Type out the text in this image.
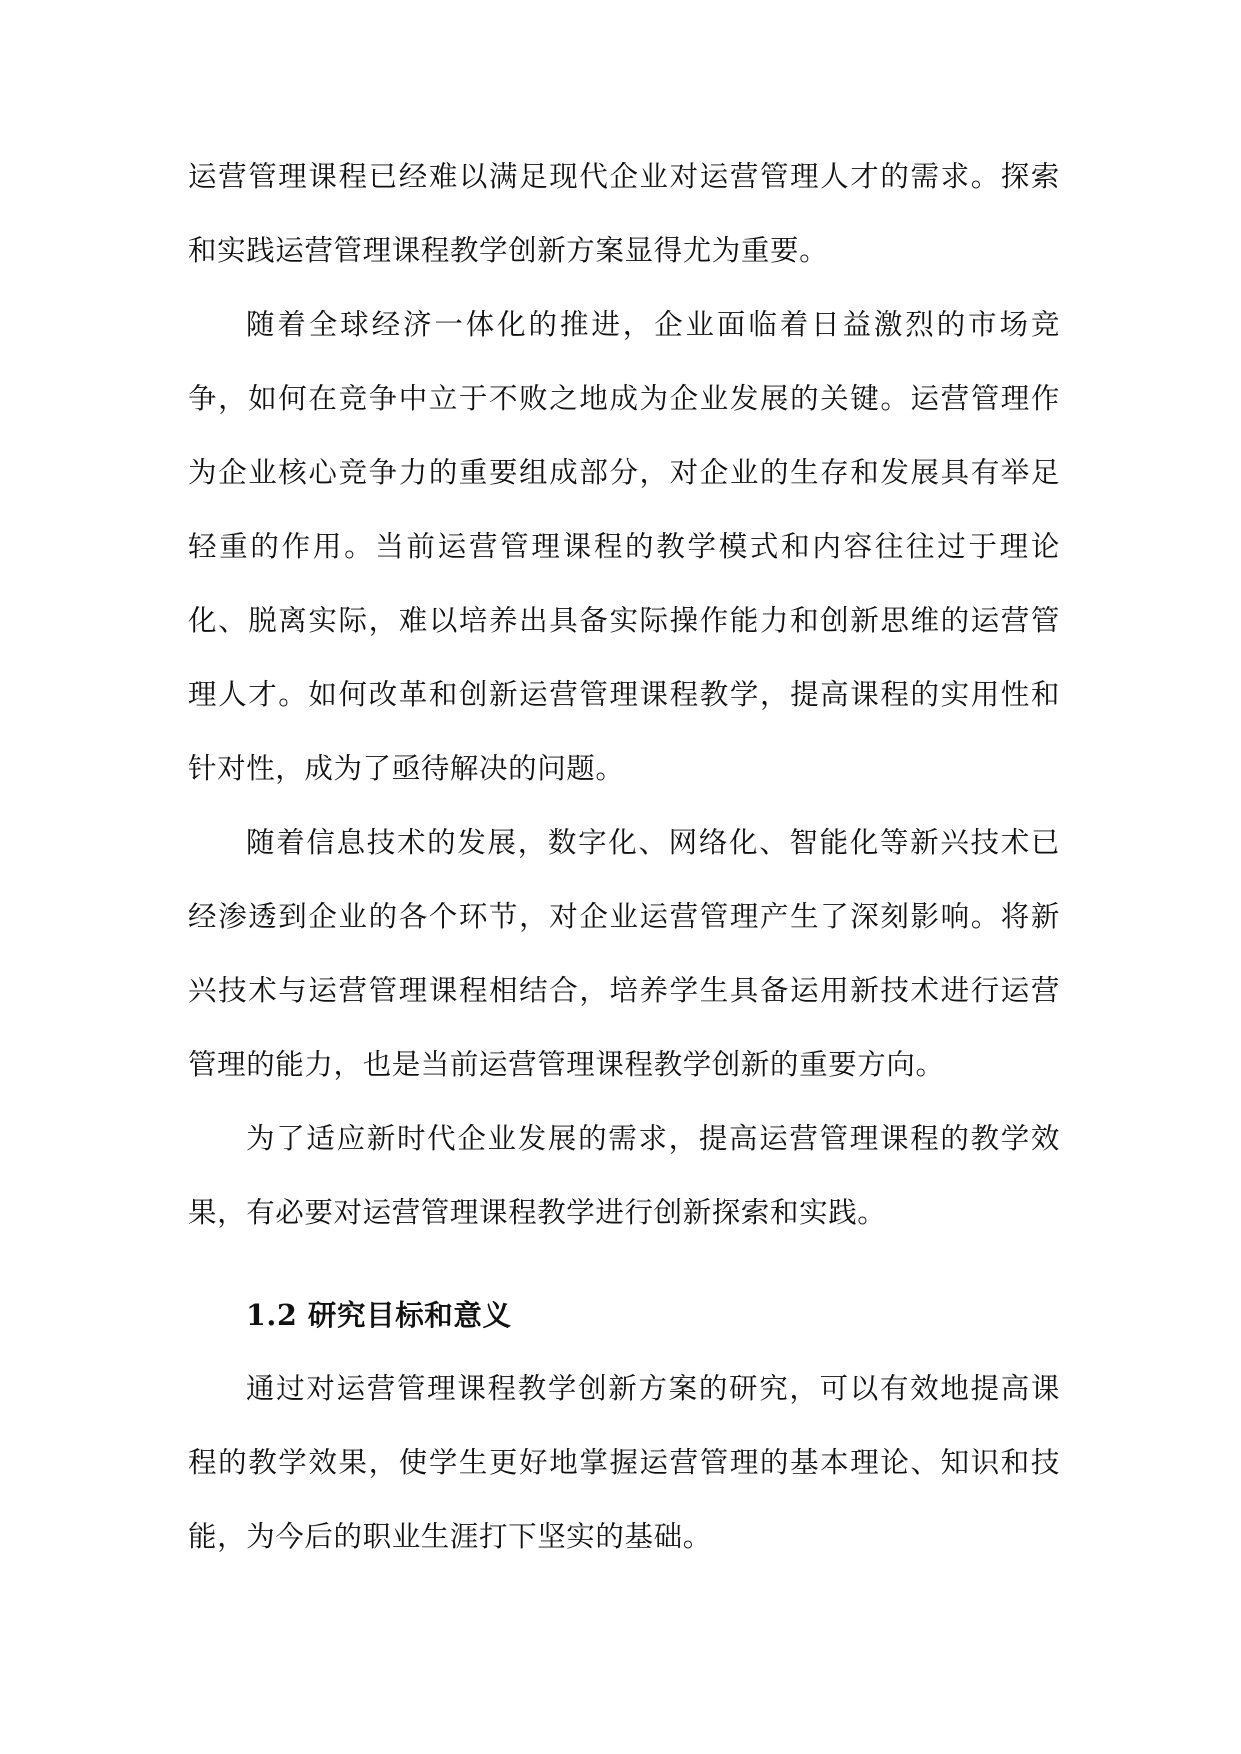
运营管理课程已经难以满足现代企业对运营管理人才的需求。探索和实践运营管理课程教学创新方案显得尤为重要。

随着全球经济一体化的推进，企业面临着日益激烈的市场竞争，如何在竞争中立于不败之地成为企业发展的关键。运营管理作为企业核心竞争力的重要组成部分，对企业的生存和发展具有举足轻重的作用。当前运营管理课程的教学模式和内容往往过于理论化、脱离实际，难以培养出具备实际操作能力和创新思维的运营管理人才。如何改革和创新运营管理课程教学，提高课程的实用性和针对性，成为了亟待解决的问题。

随着信息技术的发展，数字化、网络化、智能化等新兴技术已经渗透到企业的各个环节，对企业运营管理产生了深刻影响。将新兴技术与运营管理课程相结合，培养学生具备运用新技术进行运营管理的能力，也是当前运营管理课程教学创新的重要方向。

为了适应新时代企业发展的需求，提高运营管理课程的教学效果，有必要对运营管理课程教学进行创新探索和实践。

1.2 研究目标和意义

通过对运营管理课程教学创新方案的研究，可以有效地提高课程的教学效果，使学生更好地掌握运营管理的基本理论、知识和技能，为今后的职业生涯打下坚实的基础。
